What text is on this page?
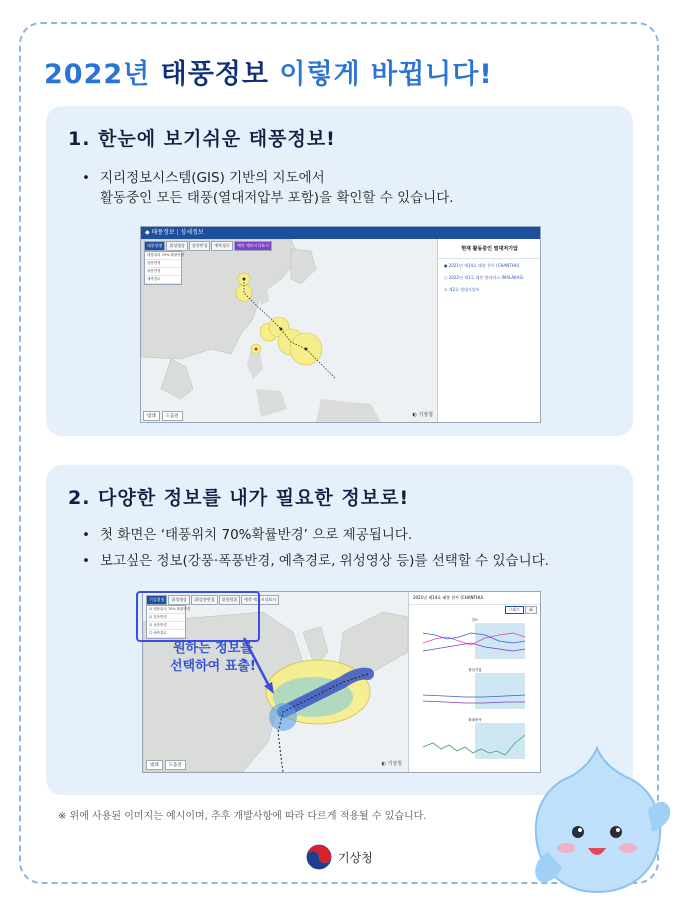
2022년 태풍정보 이렇게 바뀝니다!
1. 한눈에 보기쉬운 태풍정보!
• 지리정보시스템(GIS) 기반의 지도에서
활동중인 모든 태풍(열대저압부 포함)을 확인할 수 있습니다.
◆ 태풍정보 | 상세정보
태풍현황	위성영상	강풍반경	예측경로	예측 예보시각표시
태풍위치 70% 확률반경
강풍반경
폭풍반경
예측경로
범례	도움말	◐ 기상청
현재 활동중인 열대저기압
● 2021년 제14호 태풍 찬투 (CHANTHU)
○ 2022년 제1호 태풍 말라카스 (MALAKAS)
⊙ 제2호 열대저압부
2. 다양한 정보를 내가 필요한 정보로!
• 첫 화면은 ‘태풍위치 70%확률반경’ 으로 제공됩니다.
• 보고싶은 정보(강풍·폭풍반경, 예측경로, 위성영상 등)를 선택할 수 있습니다.
기상위험	위성영상	위/강풍반경	위험범위	예측 예보시각표시
☑ 태풍위치 70% 확률반경
☑ 강풍반경
☑ 폭풍반경
☐ 예측경로
범례	도움말	◐ 기상청
2021년 제14호 태풍 찬투 (CHANTHU)
그래프	표
강도
중심기압
최대풍속
원하는 정보를
선택하여 표출!
※ 위에 사용된 이미지는 예시이며, 추후 개발사항에 따라 다르게 적용될 수 있습니다.
기상청
